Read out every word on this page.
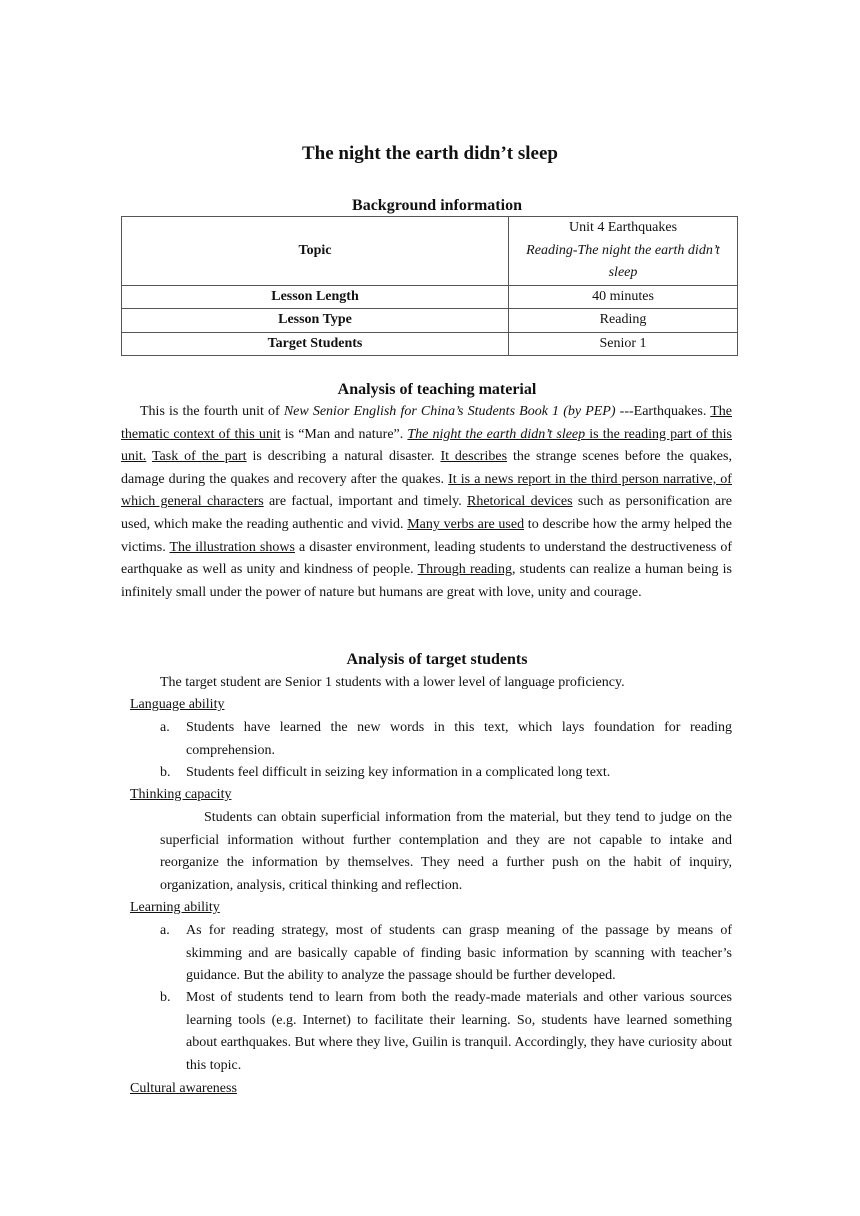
The night the earth didn’t sleep
Background information
Topic	Unit 4 Earthquakes
Reading-The night the earth didn’t
sleep

Lesson Length	40 minutes
Lesson Type	Reading
Target Students	Senior 1
Analysis of teaching material
This is the fourth unit of New Senior English for China’s Students Book 1 (by PEP) ---Earthquakes. The thematic context of this unit is “Man and nature”. The night the earth didn’t sleep is the reading part of this unit. Task of the part is describing a natural disaster. It describes the strange scenes before the quakes, damage during the quakes and recovery after the quakes. It is a news report in the third person narrative, of which general characters are factual, important and timely. Rhetorical devices such as personification are used, which make the reading authentic and vivid. Many verbs are used to describe how the army helped the victims. The illustration shows a disaster environment, leading students to understand the destructiveness of earthquake as well as unity and kindness of people. Through reading, students can realize a human being is infinitely small under the power of nature but humans are great with love, unity and courage.
Analysis of target students
The target student are Senior 1 students with a lower level of language proficiency.
Language ability
a. Students have learned the new words in this text, which lays foundation for reading comprehension.
b. Students feel difficult in seizing key information in a complicated long text.
Thinking capacity
Students can obtain superficial information from the material, but they tend to judge on the superficial information without further contemplation and they are not capable to intake and reorganize the information by themselves. They need a further push on the habit of inquiry, organization, analysis, critical thinking and reflection.
Learning ability
a. As for reading strategy, most of students can grasp meaning of the passage by means of skimming and are basically capable of finding basic information by scanning with teacher’s guidance. But the ability to analyze the passage should be further developed.
b. Most of students tend to learn from both the ready-made materials and other various sources learning tools (e.g. Internet) to facilitate their learning. So, students have learned something about earthquakes. But where they live, Guilin is tranquil. Accordingly, they have curiosity about this topic.
Cultural awareness
